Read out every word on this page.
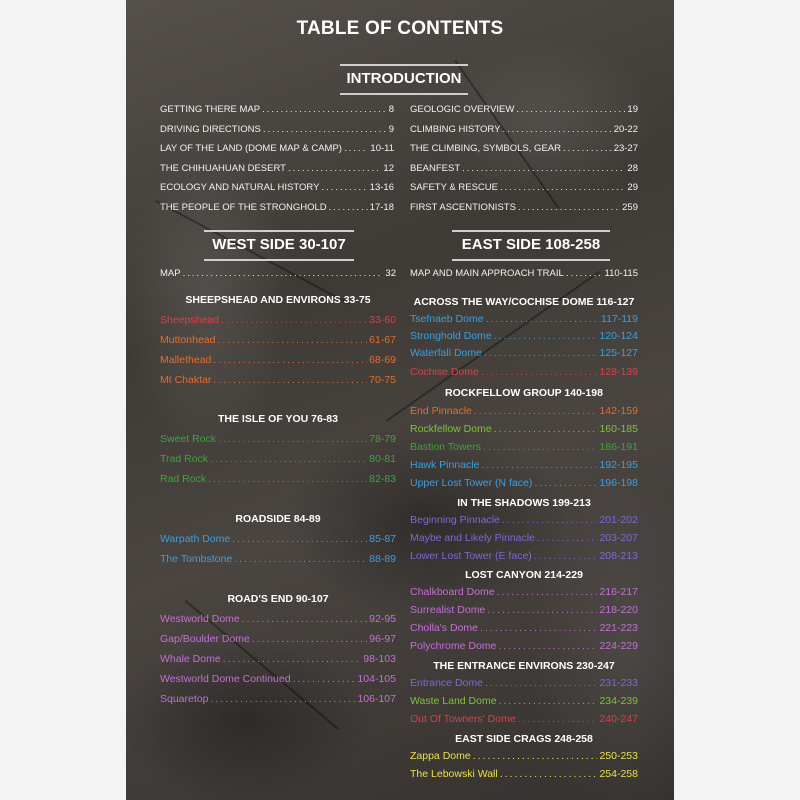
TABLE OF CONTENTS
INTRODUCTION
GETTING THERE MAP .....	8
DRIVING DIRECTIONS .....	9
LAY OF THE LAND (DOME MAP & CAMP) .....	10-11
THE CHIHUAHUAN DESERT .....	12
ECOLOGY AND NATURAL HISTORY .....	13-16
THE PEOPLE OF THE STRONGHOLD .....	17-18
GEOLOGIC OVERVIEW .....	19
CLIMBING HISTORY .....	20-22
THE CLIMBING, SYMBOLS, GEAR .....	23-27
BEANFEST .....	28
SAFETY & RESCUE .....	29
FIRST ASCENTIONISTS .....	259
WEST SIDE 30-107	EAST SIDE 108-258
MAP .....	32
SHEEPSHEAD AND ENVIRONS 33-75
Sheepshead .....	33-60
Muttonhead .....	61-67
Mallethead .....	68-69
Mt Chaktar .....	70-75
THE ISLE OF YOU 76-83
Sweet Rock .....	78-79
Trad Rock .....	80-81
Rad Rock .....	82-83
ROADSIDE 84-89
Warpath Dome .....	85-87
The Tombstone .....	88-89
ROAD'S END 90-107
Westworld Dome .....	92-95
Gap/Boulder Dome .....	96-97
Whale Dome .....	98-103
Westworld Dome Continued .....	104-105
Squaretop .....	106-107
MAP AND MAIN APPROACH TRAIL .....	110-115
ACROSS THE WAY/COCHISE DOME 116-127
Tsefnaeb Dome .....	117-119
Stronghold Dome .....	120-124
Waterfall Dome .....	125-127
Cochise Dome .....	128-139
ROCKFELLOW GROUP 140-198
End Pinnacle .....	142-159
Rockfellow Dome .....	160-185
Bastion Towers .....	186-191
Hawk Pinnacle .....	192-195
Upper Lost Tower (N face) .....	196-198
IN THE SHADOWS 199-213
Beginning Pinnacle .....	201-202
Maybe and Likely Pinnacle .....	203-207
Lower Lost Tower (E face) .....	208-213
LOST CANYON 214-229
Chalkboard Dome .....	216-217
Surrealist Dome .....	218-220
Cholla's Dome .....	221-223
Polychrome Dome .....	224-229
THE ENTRANCE ENVIRONS 230-247
Entrance Dome .....	231-233
Waste Land Dome .....	234-239
Out Of Towners' Dome .....	240-247
EAST SIDE CRAGS 248-258
Zappa Dome .....	250-253
The Lebowski Wall .....	254-258
